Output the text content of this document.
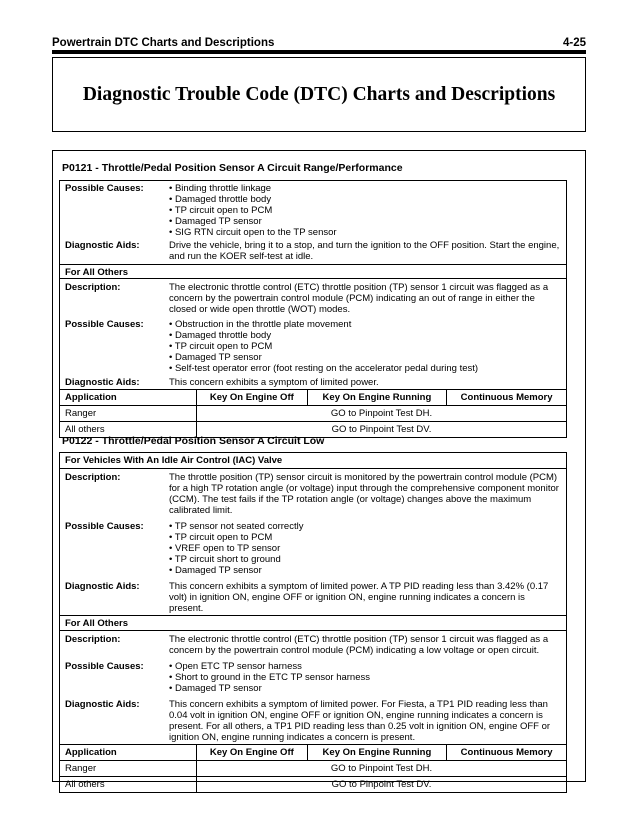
Powertrain DTC Charts and Descriptions	4-25
Diagnostic Trouble Code (DTC) Charts and Descriptions
P0121 - Throttle/Pedal Position Sensor A Circuit Range/Performance
Possible Causes:	• Binding throttle linkage
• Damaged throttle body
• TP circuit open to PCM
• Damaged TP sensor
• SIG RTN circuit open to the TP sensor
Diagnostic Aids:	Drive the vehicle, bring it to a stop, and turn the ignition to the OFF position. Start the engine, and run the KOER self-test at idle.
For All Others
Description:	The electronic throttle control (ETC) throttle position (TP) sensor 1 circuit was flagged as a concern by the powertrain control module (PCM) indicating an out of range in either the closed or wide open throttle (WOT) modes.
Possible Causes:	• Obstruction in the throttle plate movement
• Damaged throttle body
• TP circuit open to PCM
• Damaged TP sensor
• Self-test operator error (foot resting on the accelerator pedal during test)
Diagnostic Aids:	This concern exhibits a symptom of limited power.
Application	Key On Engine Off	Key On Engine Running	Continuous Memory
Ranger	GO to Pinpoint Test DH.		
All others	GO to Pinpoint Test DV.		
P0122 - Throttle/Pedal Position Sensor A Circuit Low
For Vehicles With An Idle Air Control (IAC) Valve
Description:	The throttle position (TP) sensor circuit is monitored by the powertrain control module (PCM) for a high TP rotation angle (or voltage) input through the comprehensive component monitor (CCM). The test fails if the TP rotation angle (or voltage) changes above the maximum calibrated limit.
Possible Causes:	• TP sensor not seated correctly
• TP circuit open to PCM
• VREF open to TP sensor
• TP circuit short to ground
• Damaged TP sensor
Diagnostic Aids:	This concern exhibits a symptom of limited power. A TP PID reading less than 3.42% (0.17 volt) in ignition ON, engine OFF or ignition ON, engine running indicates a concern is present.
For All Others
Description:	The electronic throttle control (ETC) throttle position (TP) sensor 1 circuit was flagged as a concern by the powertrain control module (PCM) indicating a low voltage or open circuit.
Possible Causes:	• Open ETC TP sensor harness
• Short to ground in the ETC TP sensor harness
• Damaged TP sensor
Diagnostic Aids:	This concern exhibits a symptom of limited power. For Fiesta, a TP1 PID reading less than 0.04 volt in ignition ON, engine OFF or ignition ON, engine running indicates a concern is present. For all others, a TP1 PID reading less than 0.25 volt in ignition ON, engine OFF or ignition ON, engine running indicates a concern is present.
Application	Key On Engine Off	Key On Engine Running	Continuous Memory
Ranger	GO to Pinpoint Test DH.		
All others	GO to Pinpoint Test DV.		
